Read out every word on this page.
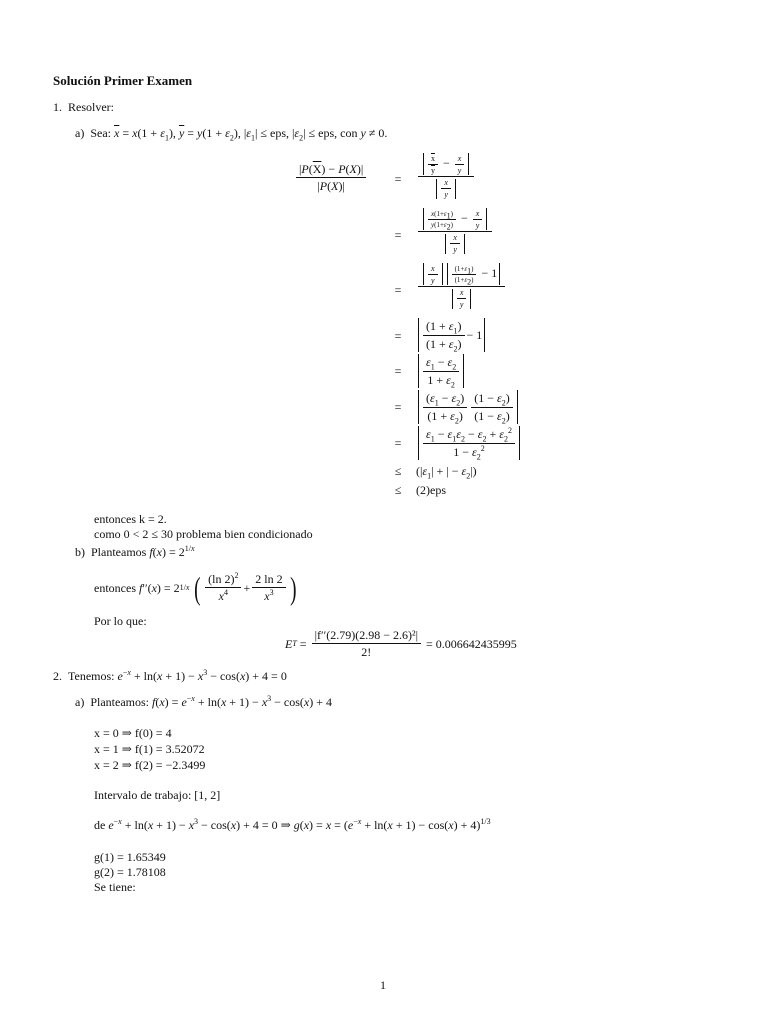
Solución Primer Examen
1. Resolver:
a) Sea: $\overline{x} = x(1 + \varepsilon_1)$, $\overline{y} = y(1 + \varepsilon_2)$, $|\varepsilon_1|$ ≤ eps, $|\varepsilon_2|$ ≤ eps, con y ≠ 0.
$\frac{|P(\overline{X}) - P(X)|}{|P(X)|}$	=	$\frac{\frac{\overline{x}}{y} - \frac{x}{y}}{\frac{x}{y}}$
=	$\frac{\frac{x(1+\varepsilon_1)}{y(1+\varepsilon_2)} - \frac{x}{y}}{\frac{x}{y}}$
=	$\frac{\frac{x}{y} \frac{(1+\varepsilon_1)}{(1+\varepsilon_2)} - 1}{\frac{x}{y}}$
=	$\frac{(1 + \varepsilon_1)}{(1 + \varepsilon_2)} - 1$
=	$\frac{\varepsilon_1 - \varepsilon_2}{1 + \varepsilon_2}$
=	$\frac{(\varepsilon_1 - \varepsilon_2)}{(1 + \varepsilon_2)} \frac{(1 - \varepsilon_2)}{(1 - \varepsilon_2)}$
=	$\frac{\varepsilon_1 - \varepsilon_1\varepsilon_2 - \varepsilon_2 + \varepsilon_2^2}{1 - \varepsilon_2^2}$
≤	($|\varepsilon_1|$ + | − $\varepsilon_2|$)
≤	(2)eps
entonces k = 2.
como 0 < 2 ≤ 30 problema bien condicionado
b) Planteamos $f(x) = 2^{1/x}$
entonces
f ′′( x ) = 2 1/x
( $\frac{(\ln 2)^2}{x^4} + \frac{2 \ln 2}{x^3}$ )
Por lo que:
E $T = \frac{\text{|f′′(2.79)(2.98 − 2.6)²|}}{2!}$
= 0.006642435995
2. Tenemos: $e^{-x} + \ln(x + 1) - x^3 - \cos(x) + 4 = 0$
a) Planteamos: $f(x) = e^{-x} + \ln(x + 1) - x^3 - \cos(x) + 4$
x = 0 ⇒ f(0) = 4
x = 1 ⇒ f(1) = 3.52072
x = 2 ⇒ f(2) = −2.3499
Intervalo de trabajo: [1, 2]
de $e^{-x} + \ln(x + 1) - x^3 - \cos(x) + 4 = 0$ ⇒ $g(x) = x = (e^{-x} + \ln(x + 1) - \cos(x) + 4)^{1/3}$
g(1) = 1.65349
g(2) = 1.78108
Se tiene:
1
